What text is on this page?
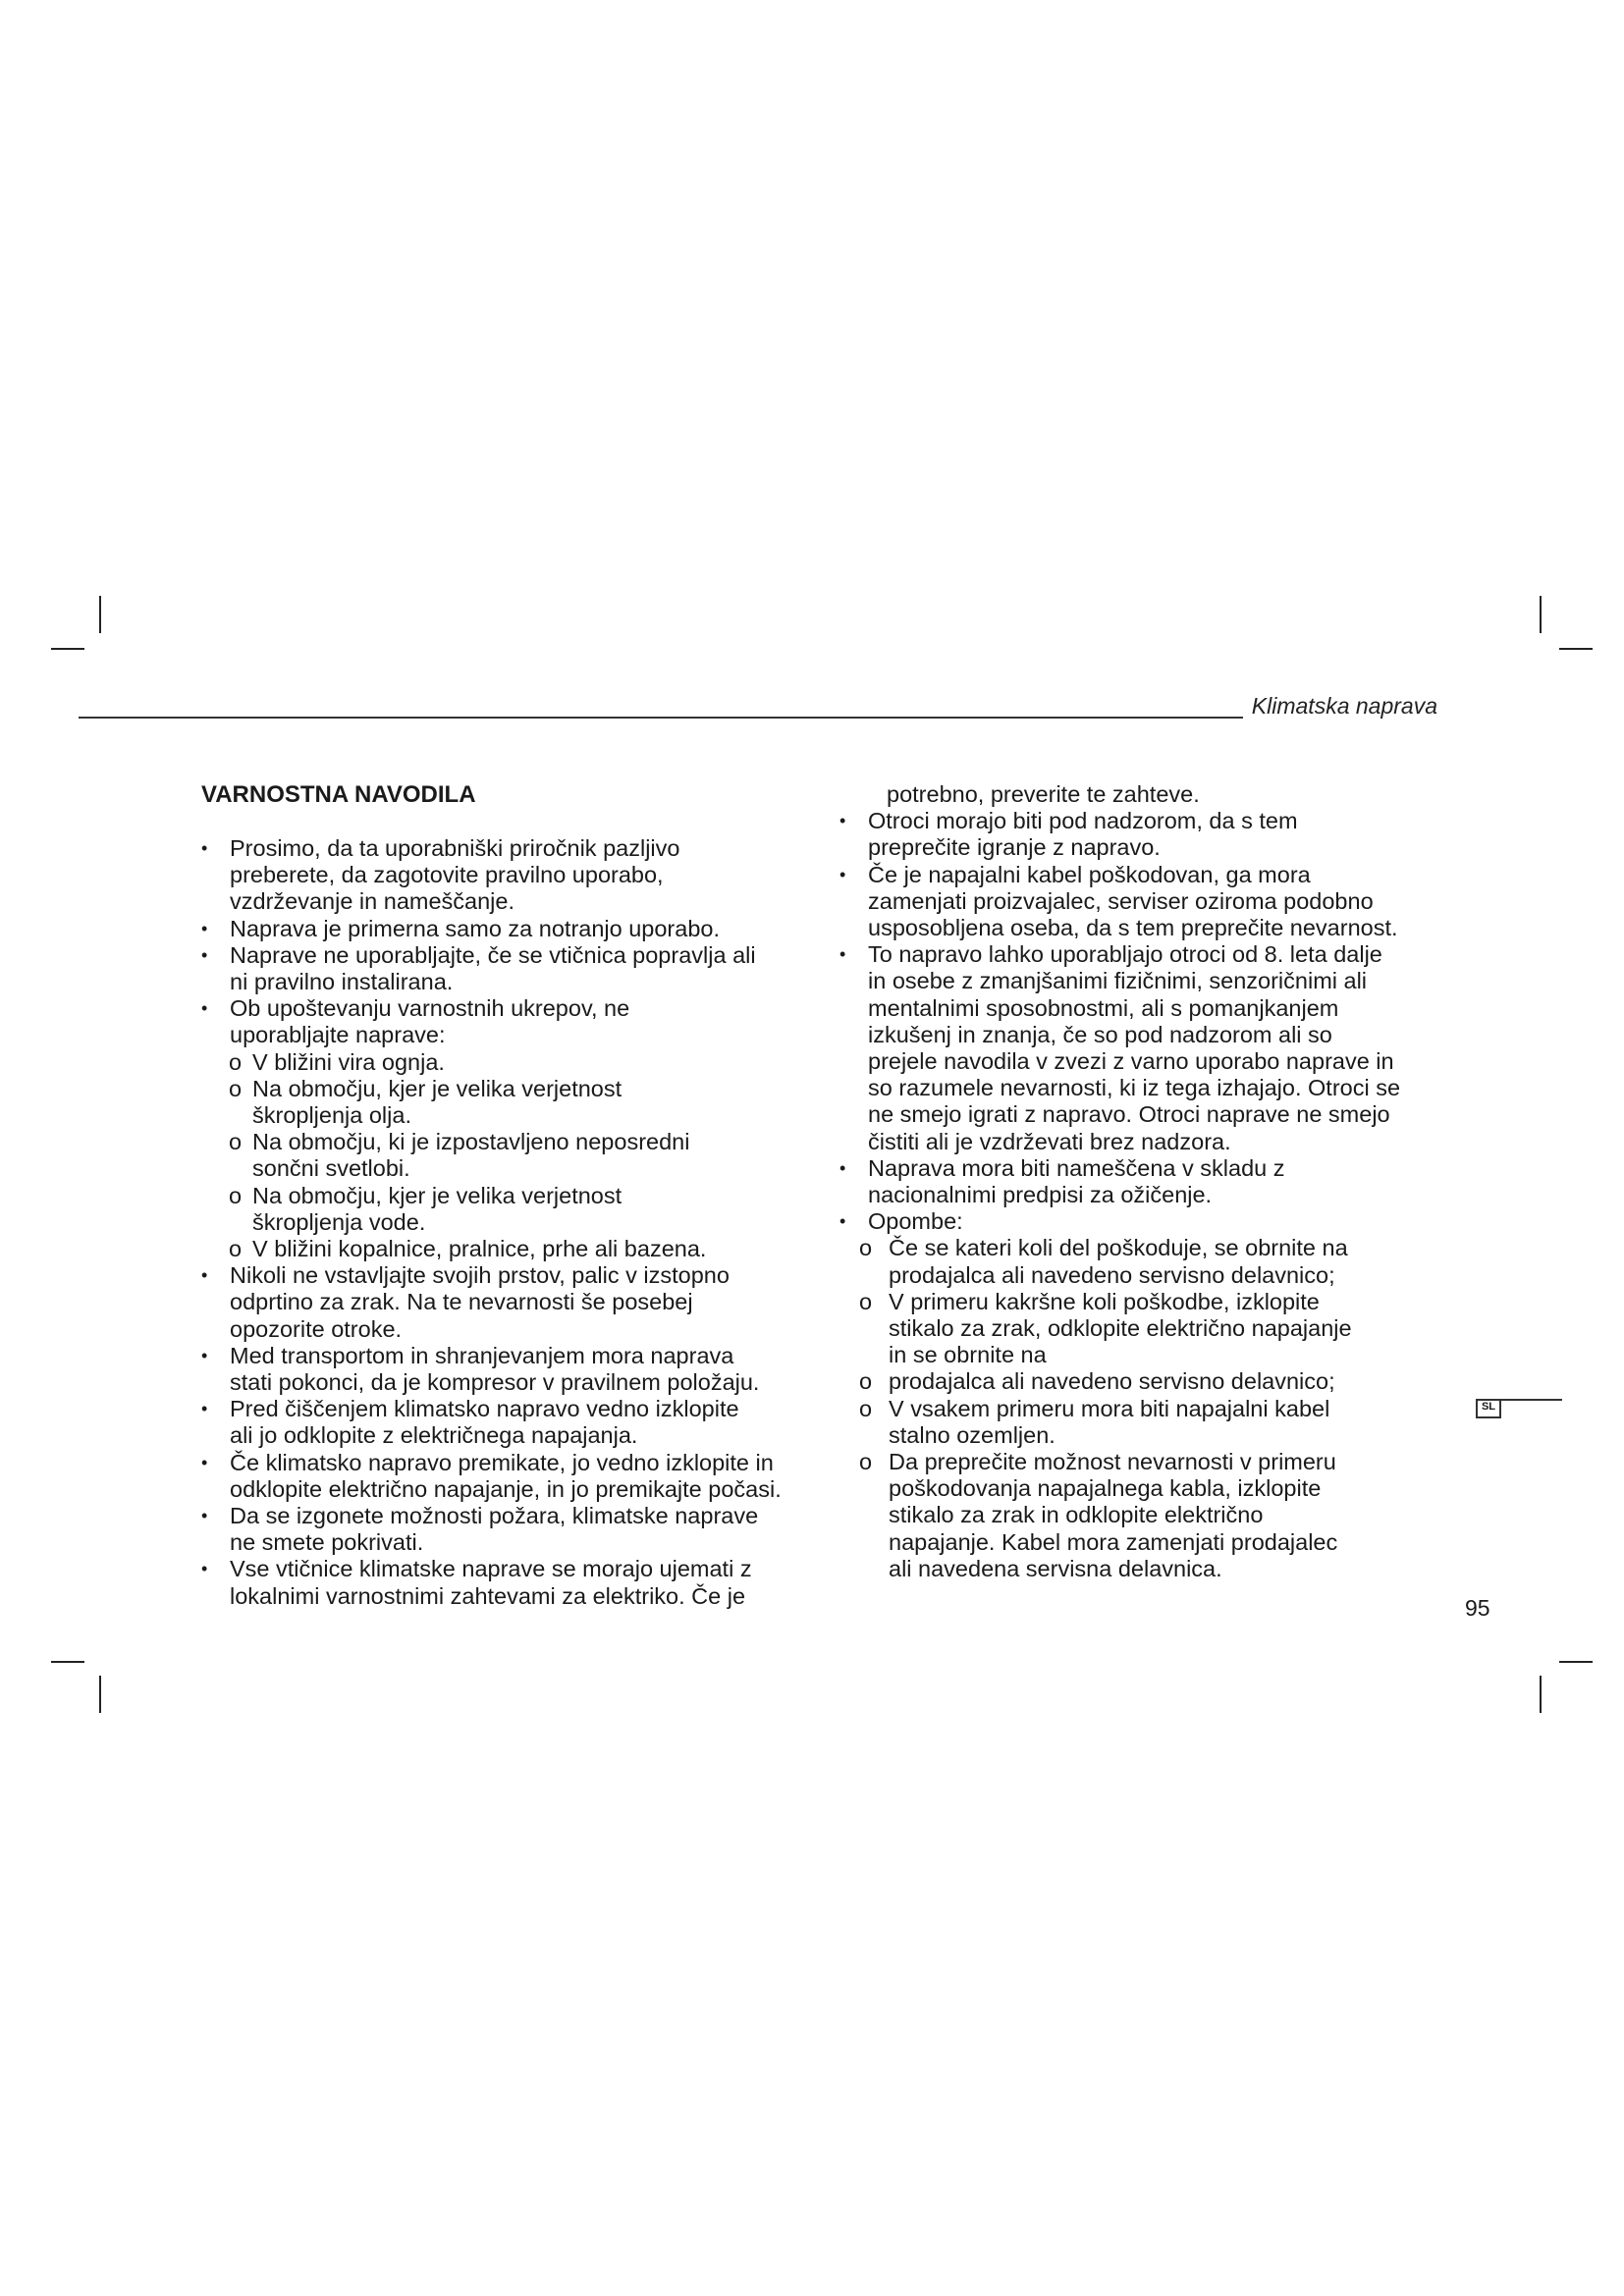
Klimatska naprava
VARNOSTNA NAVODILA
• Prosimo, da ta uporabniški priročnik pazljivo
preberete, da zagotovite pravilno uporabo,
vzdrževanje in nameščanje.
• Naprava je primerna samo za notranjo uporabo.
• Naprave ne uporabljajte, če se vtičnica popravlja ali
ni pravilno instalirana.
• Ob upoštevanju varnostnih ukrepov, ne
uporabljajte naprave:
o V bližini vira ognja.
o Na območju, kjer je velika verjetnost
škropljenja olja.
o Na območju, ki je izpostavljeno neposredni
sončni svetlobi.
o Na območju, kjer je velika verjetnost
škropljenja vode.
o V bližini kopalnice, pralnice, prhe ali bazena.
• Nikoli ne vstavljajte svojih prstov, palic v izstopno
odprtino za zrak. Na te nevarnosti še posebej
opozorite otroke.
• Med transportom in shranjevanjem mora naprava
stati pokonci, da je kompresor v pravilnem položaju.
• Pred čiščenjem klimatsko napravo vedno izklopite
ali jo odklopite z električnega napajanja.
• Če klimatsko napravo premikate, jo vedno izklopite in
odklopite električno napajanje, in jo premikajte počasi.
• Da se izgonete možnosti požara, klimatske naprave
ne smete pokrivati.
• Vse vtičnice klimatske naprave se morajo ujemati z
lokalnimi varnostnimi zahtevami za elektriko. Če je
potrebno, preverite te zahteve.
• Otroci morajo biti pod nadzorom, da s tem
preprečite igranje z napravo.
• Če je napajalni kabel poškodovan, ga mora
zamenjati proizvajalec, serviser oziroma podobno
usposobljena oseba, da s tem preprečite nevarnost.
• To napravo lahko uporabljajo otroci od 8. leta dalje
in osebe z zmanjšanimi fizičnimi, senzoričnimi ali
mentalnimi sposobnostmi, ali s pomanjkanjem
izkušenj in znanja, če so pod nadzorom ali so
prejele navodila v zvezi z varno uporabo naprave in
so razumele nevarnosti, ki iz tega izhajajo. Otroci se
ne smejo igrati z napravo. Otroci naprave ne smejo
čistiti ali je vzdrževati brez nadzora.
• Naprava mora biti nameščena v skladu z
nacionalnimi predpisi za ožičenje.
• Opombe:
o Če se kateri koli del poškoduje, se obrnite na
prodajalca ali navedeno servisno delavnico;
o V primeru kakršne koli poškodbe, izklopite
stikalo za zrak, odklopite električno napajanje
in se obrnite na
o prodajalca ali navedeno servisno delavnico;
o V vsakem primeru mora biti napajalni kabel
stalno ozemljen.
o Da preprečite možnost nevarnosti v primeru
poškodovanja napajalnega kabla, izklopite
stikalo za zrak in odklopite električno
napajanje. Kabel mora zamenjati prodajalec
ali navedena servisna delavnica.
SL
95
